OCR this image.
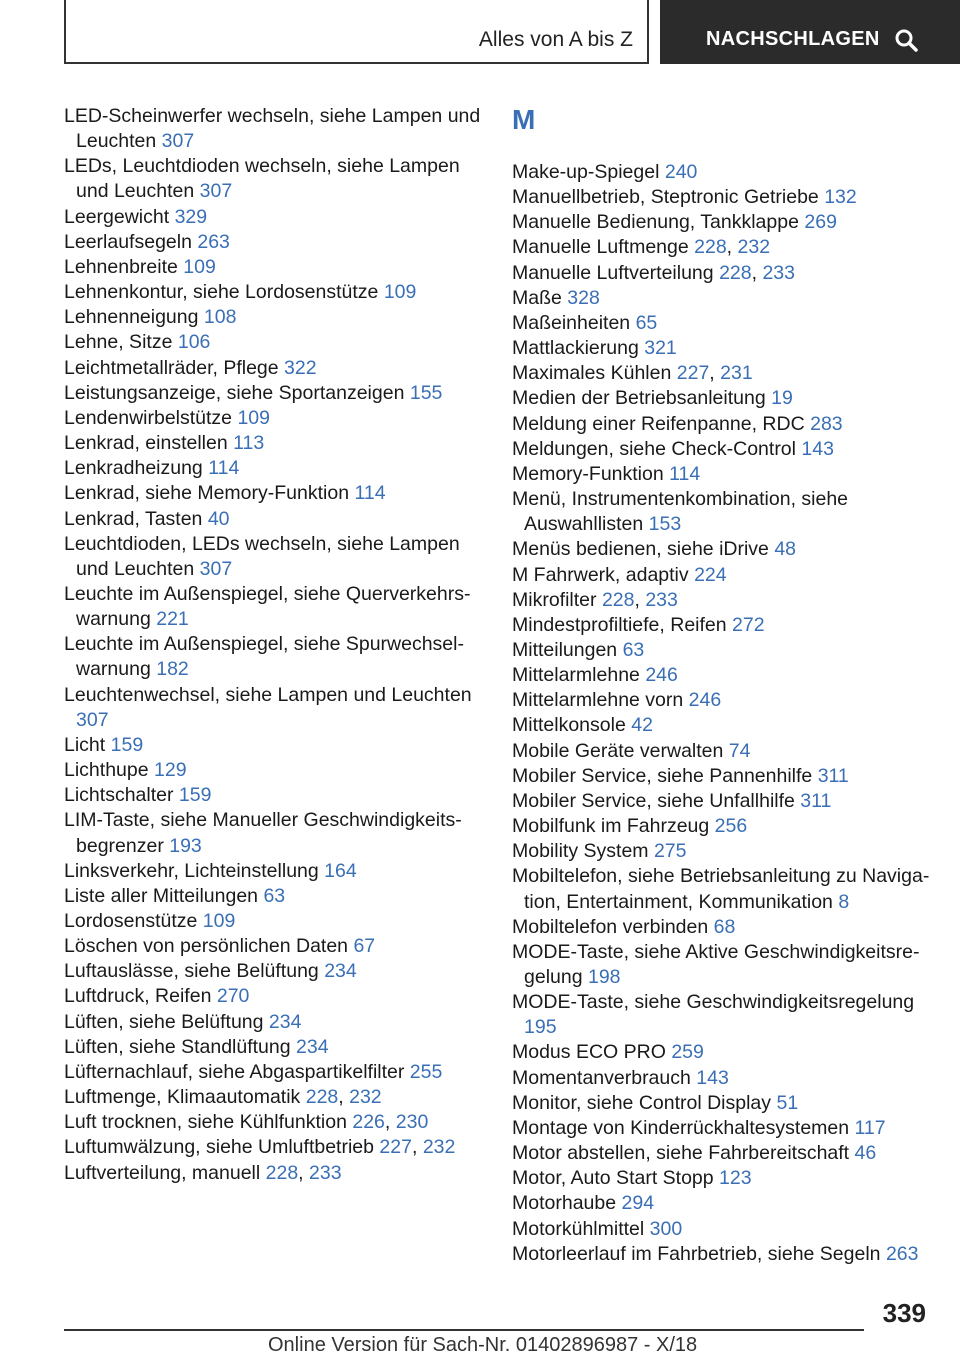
Alles von A bis Z	NACHSCHLAGEN
LED-Scheinwerfer wechseln, siehe Lampen und Leuchten 307
LEDs, Leuchtdioden wechseln, siehe Lampen und Leuchten 307
Leergewicht 329
Leerlaufsegeln 263
Lehnenbreite 109
Lehnenkontur, siehe Lordosenstütze 109
Lehnenneigung 108
Lehne, Sitze 106
Leichtmetallräder, Pflege 322
Leistungsanzeige, siehe Sportanzeigen 155
Lendenwirbelstütze 109
Lenkrad, einstellen 113
Lenkradheizung 114
Lenkrad, siehe Memory-Funktion 114
Lenkrad, Tasten 40
Leuchtdioden, LEDs wechseln, siehe Lampen und Leuchten 307
Leuchte im Außenspiegel, siehe Querverkehrswarnung 221
Leuchte im Außenspiegel, siehe Spurwechselwarnung 182
Leuchtenwechsel, siehe Lampen und Leuchten 307
Licht 159
Lichthupe 129
Lichtschalter 159
LIM-Taste, siehe Manueller Geschwindigkeitsbegrenzer 193
Linksverkehr, Lichteinstellung 164
Liste aller Mitteilungen 63
Lordosenstütze 109
Löschen von persönlichen Daten 67
Luftauslässe, siehe Belüftung 234
Luftdruck, Reifen 270
Lüften, siehe Belüftung 234
Lüften, siehe Standlüftung 234
Lüfternachlauf, siehe Abgaspartikelfilter 255
Luftmenge, Klimaautomatik 228, 232
Luft trocknen, siehe Kühlfunktion 226, 230
Luftumwälzung, siehe Umluftbetrieb 227, 232
Luftverteilung, manuell 228, 233
M
Make-up-Spiegel 240
Manuellbetrieb, Steptronic Getriebe 132
Manuelle Bedienung, Tankklappe 269
Manuelle Luftmenge 228, 232
Manuelle Luftverteilung 228, 233
Maße 328
Maßeinheiten 65
Mattlackierung 321
Maximales Kühlen 227, 231
Medien der Betriebsanleitung 19
Meldung einer Reifenpanne, RDC 283
Meldungen, siehe Check-Control 143
Memory-Funktion 114
Menü, Instrumentenkombination, siehe Auswahllisten 153
Menüs bedienen, siehe iDrive 48
M Fahrwerk, adaptiv 224
Mikrofilter 228, 233
Mindestprofiltiefe, Reifen 272
Mitteilungen 63
Mittelarmlehne 246
Mittelarmlehne vorn 246
Mittelkonsole 42
Mobile Geräte verwalten 74
Mobiler Service, siehe Pannenhilfe 311
Mobiler Service, siehe Unfallhilfe 311
Mobilfunk im Fahrzeug 256
Mobility System 275
Mobiltelefon, siehe Betriebsanleitung zu Navigation, Entertainment, Kommunikation 8
Mobiltelefon verbinden 68
MODE-Taste, siehe Aktive Geschwindigkeitsregelung 198
MODE-Taste, siehe Geschwindigkeitsregelung 195
Modus ECO PRO 259
Momentanverbrauch 143
Monitor, siehe Control Display 51
Montage von Kinderrückhaltesystemen 117
Motor abstellen, siehe Fahrbereitschaft 46
Motor, Auto Start Stopp 123
Motorhaube 294
Motorkühlmittel 300
Motorleerlauf im Fahrbetrieb, siehe Segeln 263
339
Online Version für Sach-Nr. 01402896987 - X/18
